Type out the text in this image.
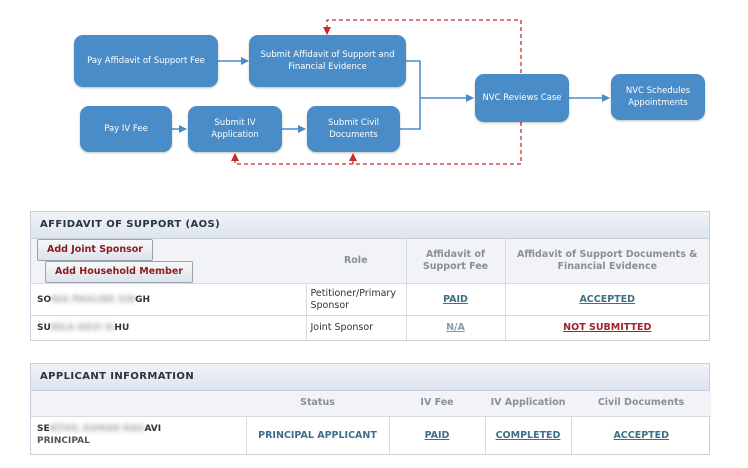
Pay Affidavit of Support Fee
Submit Affidavit of Support and Financial Evidence
Pay IV Fee
Submit IV Application
Submit Civil Documents
NVC Reviews Case
NVC Schedules Appointments
AFFIDAVIT OF SUPPORT (AOS)
Add Joint Sponsor Add Household Member	Role	Affidavit of Support Fee	Affidavit of Support Documents & Financial Evidence
SONIA PAULINE SINGH	Petitioner/Primary Sponsor	PAID	ACCEPTED
SUNILA DEVI SIHU	Joint Sponsor	N/A	NOT SUBMITTED
APPLICANT INFORMATION
	Status	IV Fee	IV Application	Civil Documents
SENTHIL KUMAR RAGAVI
PRINCIPAL	PRINCIPAL APPLICANT	PAID	COMPLETED	ACCEPTED
